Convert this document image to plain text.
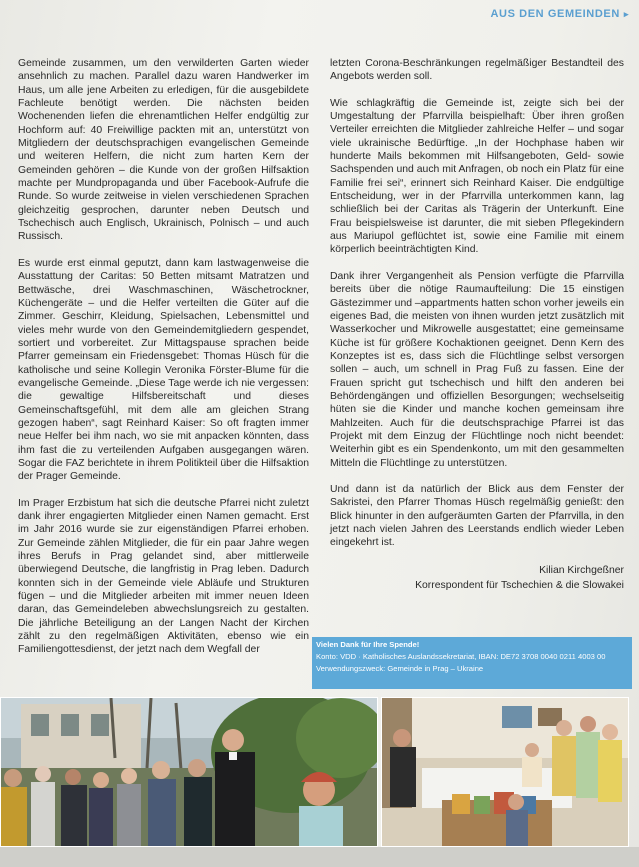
AUS DEN GEMEINDEN ▸

Gemeinde zusammen, um den verwilderten Garten wieder ansehnlich zu machen. Parallel dazu waren Handwerker im Haus, um alle jene Arbeiten zu erledigen, für die ausgebildete Fachleute benötigt werden. Die nächsten beiden Wochenenden liefen die ehrenamtlichen Helfer endgültig zur Hochform auf: 40 Freiwillige packten mit an, unterstützt von Mitgliedern der deutschsprachigen evangelischen Gemeinde und weiteren Helfern, die nicht zum harten Kern der Gemeinden gehören – die Kunde von der großen Hilfsaktion machte per Mundpropaganda und über Facebook-Aufrufe die Runde. So wurde zeitweise in vielen verschiedenen Sprachen gleichzeitig gesprochen, darunter neben Deutsch und Tschechisch auch Englisch, Ukrainisch, Polnisch – und auch Russisch.

Es wurde erst einmal geputzt, dann kam lastwagenweise die Ausstattung der Caritas: 50 Betten mitsamt Matratzen und Bettwäsche, drei Waschmaschinen, Wäschetrockner, Küchengeräte – und die Helfer verteilten die Güter auf die Zimmer. Geschirr, Kleidung, Spielsachen, Lebensmittel und vieles mehr wurde von den Gemeindemitgliedern gespendet, sortiert und vorbereitet. Zur Mittagspause sprachen beide Pfarrer gemeinsam ein Friedensgebet: Thomas Hüsch für die katholische und seine Kollegin Veronika Förster-Blume für die evangelische Gemeinde. „Diese Tage werde ich nie vergessen: die gewaltige Hilfsbereitschaft und dieses Gemeinschaftsgefühl, mit dem alle am gleichen Strang gezogen haben“, sagt Reinhard Kaiser: So oft fragten immer neue Helfer bei ihm nach, wo sie mit anpacken könnten, dass ihm fast die zu verteilenden Aufgaben ausgegangen wären. Sogar die FAZ berichtete in ihrem Politikteil über die Hilfsaktion der Prager Gemeinde.

Im Prager Erzbistum hat sich die deutsche Pfarrei nicht zuletzt dank ihrer engagierten Mitglieder einen Namen gemacht. Erst im Jahr 2016 wurde sie zur eigenständigen Pfarrei erhoben. Zur Gemeinde zählen Mitglieder, die für ein paar Jahre wegen ihres Berufs in Prag gelandet sind, aber mittlerweile überwiegend Deutsche, die langfristig in Prag leben. Dadurch konnten sich in der Gemeinde viele Abläufe und Strukturen fügen – und die Mitglieder arbeiten mit immer neuen Ideen daran, das Gemeindeleben abwechslungsreich zu gestalten. Die jährliche Beteiligung an der Langen Nacht der Kirchen zählt zu den regelmäßigen Aktivitäten, ebenso wie ein Familiengottesdienst, der jetzt nach dem Wegfall der

letzten Corona-Beschränkungen regelmäßiger Bestandteil des Angebots werden soll.

Wie schlagkräftig die Gemeinde ist, zeigte sich bei der Umgestaltung der Pfarrvilla beispielhaft: Über ihren großen Verteiler erreichten die Mitglieder zahlreiche Helfer – und sogar viele ukrainische Bedürftige. „In der Hochphase haben wir hunderte Mails bekommen mit Hilfsangeboten, Geld- sowie Sachspenden und auch mit Anfragen, ob noch ein Platz für eine Familie frei sei“, erinnert sich Reinhard Kaiser. Die endgültige Entscheidung, wer in der Pfarrvilla unterkommen kann, lag schließlich bei der Caritas als Trägerin der Unterkunft. Eine Frau beispielsweise ist darunter, die mit sieben Pflegekindern aus Mariupol geflüchtet ist, sowie eine Familie mit einem körperlich beeinträchtigten Kind.

Dank ihrer Vergangenheit als Pension verfügte die Pfarrvilla bereits über die nötige Raumaufteilung: Die 15 einstigen Gästezimmer und –appartments hatten schon vorher jeweils ein eigenes Bad, die meisten von ihnen wurden jetzt zusätzlich mit Wasserkocher und Mikrowelle ausgestattet; eine gemeinsame Küche ist für größere Kochaktionen geeignet. Denn Kern des Konzeptes ist es, dass sich die Flüchtlinge selbst versorgen sollen – auch, um schnell in Prag Fuß zu fassen. Eine der Frauen spricht gut tschechisch und hilft den anderen bei Behördengängen und offiziellen Besorgungen; wechselseitig hüten sie die Kinder und manche kochen gemeinsam ihre Mahlzeiten. Auch für die deutschsprachige Pfarrei ist das Projekt mit dem Einzug der Flüchtlinge noch nicht beendet: Weiterhin gibt es ein Spendenkonto, um mit den gesammelten Mitteln die Flüchtlinge zu unterstützen.

Und dann ist da natürlich der Blick aus dem Fenster der Sakristei, den Pfarrer Thomas Hüsch regelmäßig genießt: den Blick hinunter in den aufgeräumten Garten der Pfarrvilla, in den jetzt nach vielen Jahren des Leerstands endlich wieder Leben eingekehrt ist.

Kilian Kirchgeßner
Korrespondent für Tschechien & die Slowakei
Vielen Dank für Ihre Spende!
Konto: VDD · Katholisches Auslandssekretariat, IBAN: DE72 3708 0040 0211 4003 00
Verwendungszweck: Gemeinde in Prag – Ukraine
